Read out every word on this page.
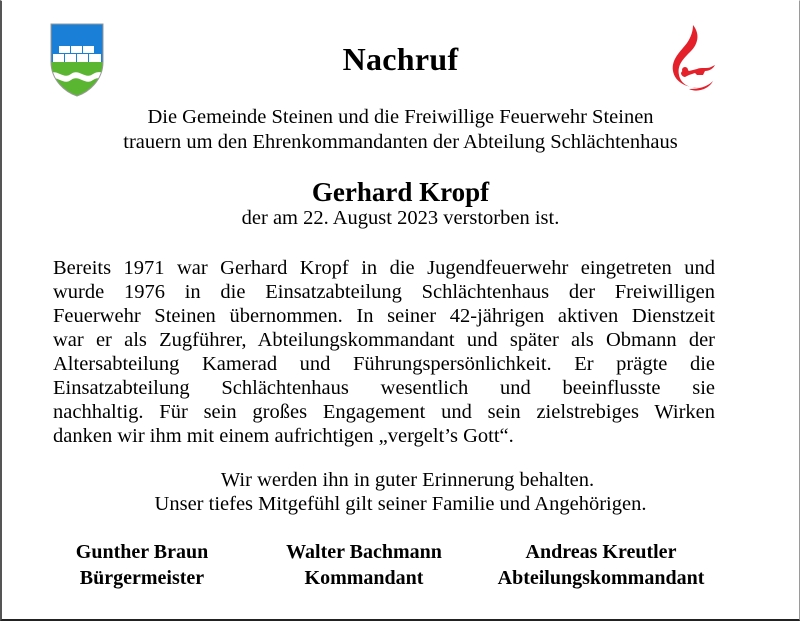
Nachruf
Die Gemeinde Steinen und die Freiwillige Feuerwehr Steinen
trauern um den Ehrenkommandanten der Abteilung Schlächtenhaus
Gerhard Kropf
der am 22. August 2023 verstorben ist.
Bereits 1971 war Gerhard Kropf in die Jugendfeuerwehr eingetreten und
wurde 1976 in die Einsatzabteilung Schlächtenhaus der Freiwilligen
Feuerwehr Steinen übernommen. In seiner 42-jährigen aktiven Dienstzeit
war er als Zugführer, Abteilungskommandant und später als Obmann der
Altersabteilung Kamerad und Führungspersönlichkeit. Er prägte die
Einsatzabteilung Schlächtenhaus wesentlich und beeinflusste sie
nachhaltig. Für sein großes Engagement und sein zielstrebiges Wirken
danken wir ihm mit einem aufrichtigen „vergelt’s Gott“.
Wir werden ihn in guter Erinnerung behalten.
Unser tiefes Mitgefühl gilt seiner Familie und Angehörigen.
Gunther Braun
Bürgermeister
Walter Bachmann
Kommandant
Andreas Kreutler
Abteilungskommandant
